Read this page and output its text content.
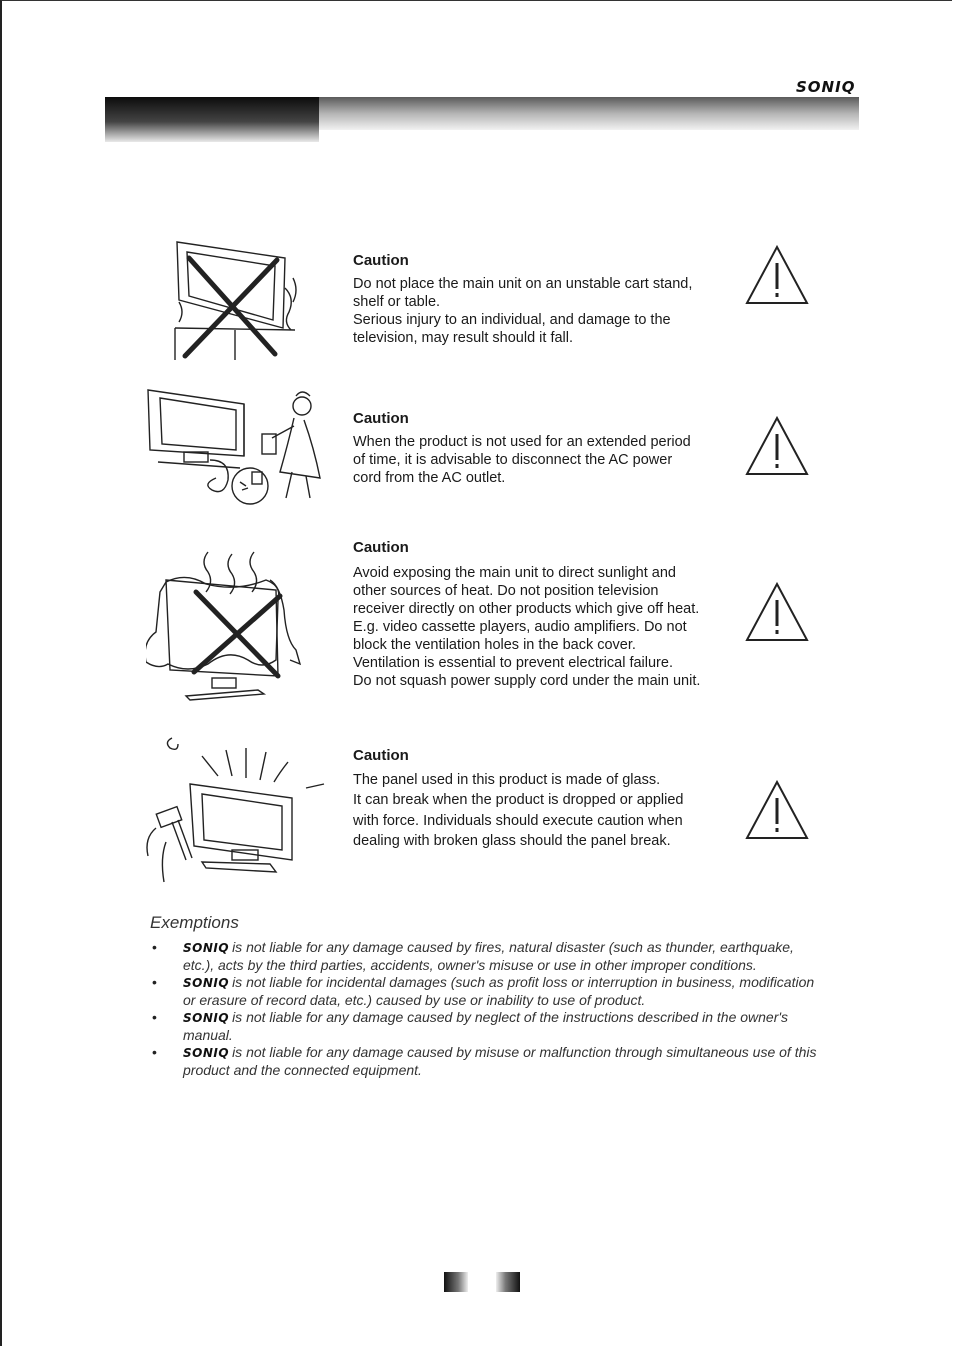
SONIQ
Caution

Do not place the main unit on an unstable cart stand,

shelf or table.

Serious injury to an individual, and damage to the

television, may result should it fall.

Caution

When the product is not used for an extended period

of time, it is advisable to disconnect the AC power

cord from the AC outlet.

Caution

Avoid exposing the main unit to direct sunlight and

other sources of heat. Do not position television

receiver directly on other products which give off heat.

E.g. video cassette players, audio amplifiers. Do not

block the ventilation holes in the back cover.

Ventilation is essential to prevent electrical failure.

Do not squash power supply cord under the main unit.

Caution

The panel used in this product is made of glass.

It can break when the product is dropped or applied

with force. Individuals should execute caution when

dealing with broken glass should the panel break.

Exemptions
• SONIQ is not liable for any damage caused by fires, natural disaster (such as thunder, earthquake, etc.), acts by the third parties, accidents, owner's misuse or use in other improper conditions.
• SONIQ is not liable for incidental damages (such as profit loss or interruption in business, modification or erasure of record data, etc.) caused by use or inability to use of product.
• SONIQ is not liable for any damage caused by neglect of the instructions described in the owner's manual.
• SONIQ is not liable for any damage caused by misuse or malfunction through simultaneous use of this product and the connected equipment.
